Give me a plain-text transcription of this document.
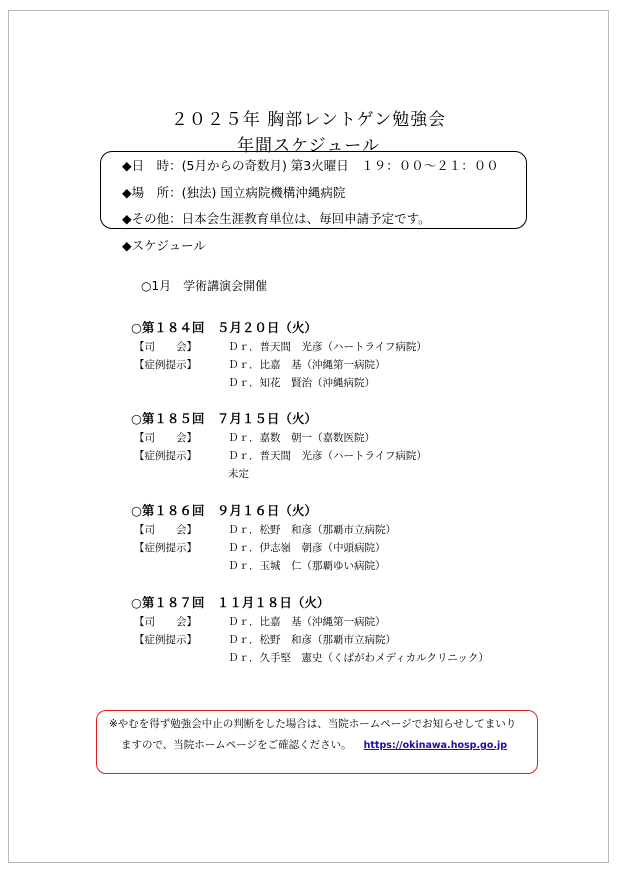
２０２５年 胸部レントゲン勉強会
年間スケジュール
◆日　時：(5月からの奇数月) 第3火曜日　１９：００～２１：００
◆場　所：(独法) 国立病院機構沖縄病院
◆その他：日本会生涯教育単位は、毎回申請予定です。
◆スケジュール
○1月　学術講演会開催
○第１８４回　５月２０日（火）
【司　　会】	Ｄｒ．普天間　光彦（ハートライフ病院）
【症例提示】	Ｄｒ．比嘉　基（沖縄第一病院）
Ｄｒ．知花　賢治（沖縄病院）
○第１８５回　７月１５日（火）
【司　　会】	Ｄｒ．嘉数　朝一（嘉数医院）
【症例提示】	Ｄｒ．普天間　光彦（ハートライフ病院）
未定
○第１８６回　９月１６日（火）
【司　　会】	Ｄｒ．松野　和彦（那覇市立病院）
【症例提示】	Ｄｒ．伊志嶺　朝彦（中頭病院）
Ｄｒ．玉城　仁（那覇ゆい病院）
○第１８７回　１１月１８日（火）
【司　　会】	Ｄｒ．比嘉　基（沖縄第一病院）
【症例提示】	Ｄｒ．松野　和彦（那覇市立病院）
Ｄｒ．久手堅　憲史（くばがわメディカルクリニック）
※やむを得ず勉強会中止の判断をした場合は、当院ホームページでお知らせしてまいり
ますので、当院ホームページをご確認ください。 https://okinawa.hosp.go.jp
